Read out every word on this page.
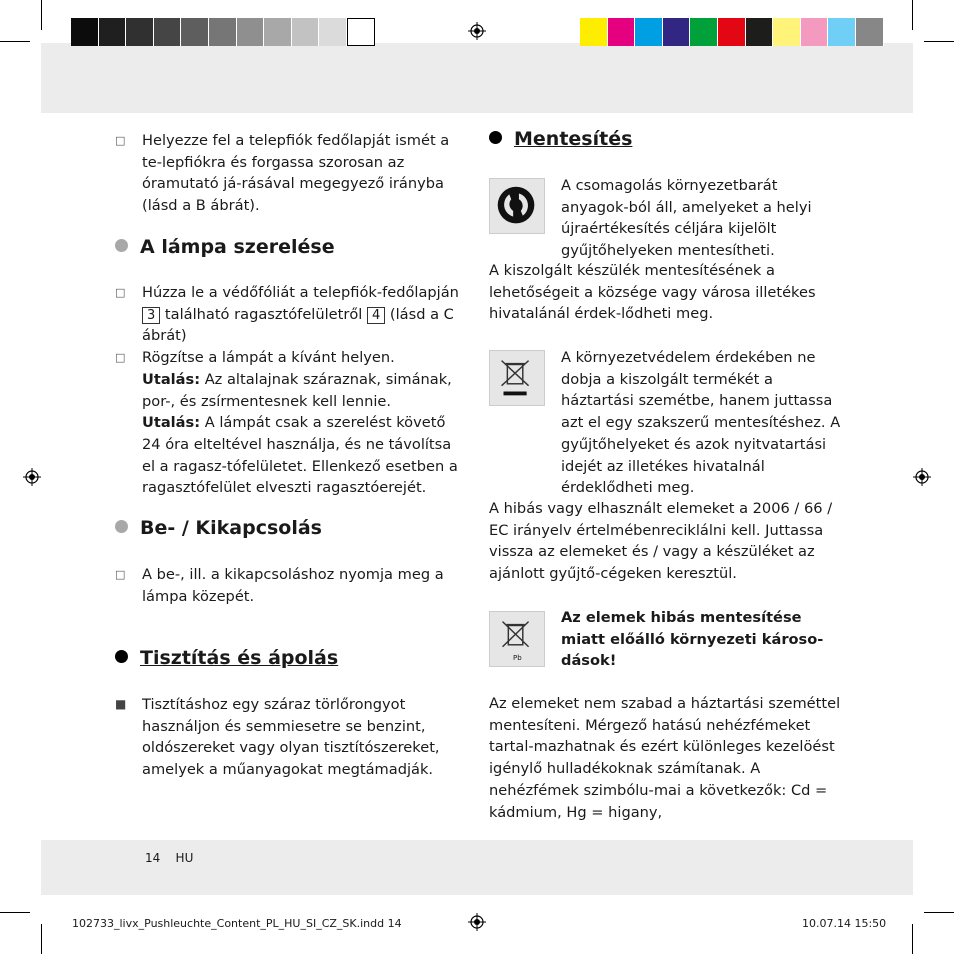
□ Helyezze fel a telepfiók fedőlapját ismét a te-lepfiókra és forgassa szorosan az óramutató já-rásával megegyező irányba (lásd a B ábrát).
A lámpa szerelése
□ Húzza le a védőfóliát a telepfiók-fedőlapján 3 található ragasztófelületről 4 (lásd a C ábrát)
□ Rögzítse a lámpát a kívánt helyen.
Utalás: Az altalajnak száraznak, simának, por-, és zsírmentesnek kell lennie.
Utalás: A lámpát csak a szerelést követő 24 óra elteltével használja, és ne távolítsa el a ragasz-tófelületet. Ellenkező esetben a ragasztófelület elveszti ragasztóerejét.
Be- / Kikapcsolás
□ A be-, ill. a kikapcsoláshoz nyomja meg a lámpa közepét.
Tisztítás és ápolás
■ Tisztításhoz egy száraz törlőrongyot használjon és semmiesetre se benzint, oldószereket vagy olyan tisztítószereket, amelyek a műanyagokat megtámadják.
Mentesítés
A csomagolás környezetbarát anyagok-ból áll, amelyeket a helyi újraértékesítés céljára kijelölt gyűjtőhelyeken mentesítheti.
A kiszolgált készülék mentesítésének a lehetőségeit a községe vagy városa illetékes hivatalánál érdek-lődheti meg.
A környezetvédelem érdekében ne dobja a kiszolgált termékét a háztartási szemétbe, hanem juttassa azt el egy szakszerű mentesítéshez. A gyűjtőhelyeket és azok nyitvatartási idejét az illetékes hivatalnál érdeklődheti meg.
A hibás vagy elhasznált elemeket a 2006 / 66 / EC irányelv értelmébenreciklálni kell. Juttassa vissza az elemeket és / vagy a készüléket az ajánlott gyűjtő-cégeken keresztül.
Pb
Az elemek hibás mentesítése miatt előálló környezeti károso-dások!
Az elemeket nem szabad a háztartási szeméttel mentesíteni. Mérgező hatású nehézfémeket tartal-mazhatnak és ezért különleges kezelöést igénylő hulladékoknak számítanak. A nehézfémek szimbólu-mai a következők: Cd = kádmium, Hg = higany,
14 HU
102733_livx_Pushleuchte_Content_PL_HU_SI_CZ_SK.indd 14	10.07.14 15:50
